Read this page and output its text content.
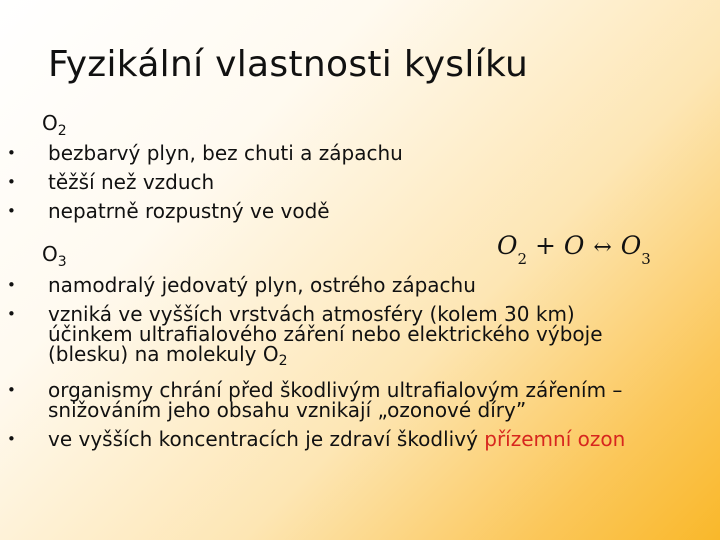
Fyzikální vlastnosti kyslíku
$O_2$
• bezbarvý plyn, bez chuti a zápachu
• těžší než vzduch
• nepatrně rozpustný ve vodě
$O_3$
$O_2 + O$ ↔ $O_3$
• namodralý jedovatý plyn, ostrého zápachu
• vzniká ve vyšších vrstvách atmosféry (kolem 30 km) účinkem ultrafialového záření nebo elektrického výboje (blesku) na molekuly $O_2$
• organismy chrání před škodlivým ultrafialovým zářením – snižováním jeho obsahu vznikají „ozonové díry”
• ve vyšších koncentracích je zdraví škodlivý přízemní ozon
